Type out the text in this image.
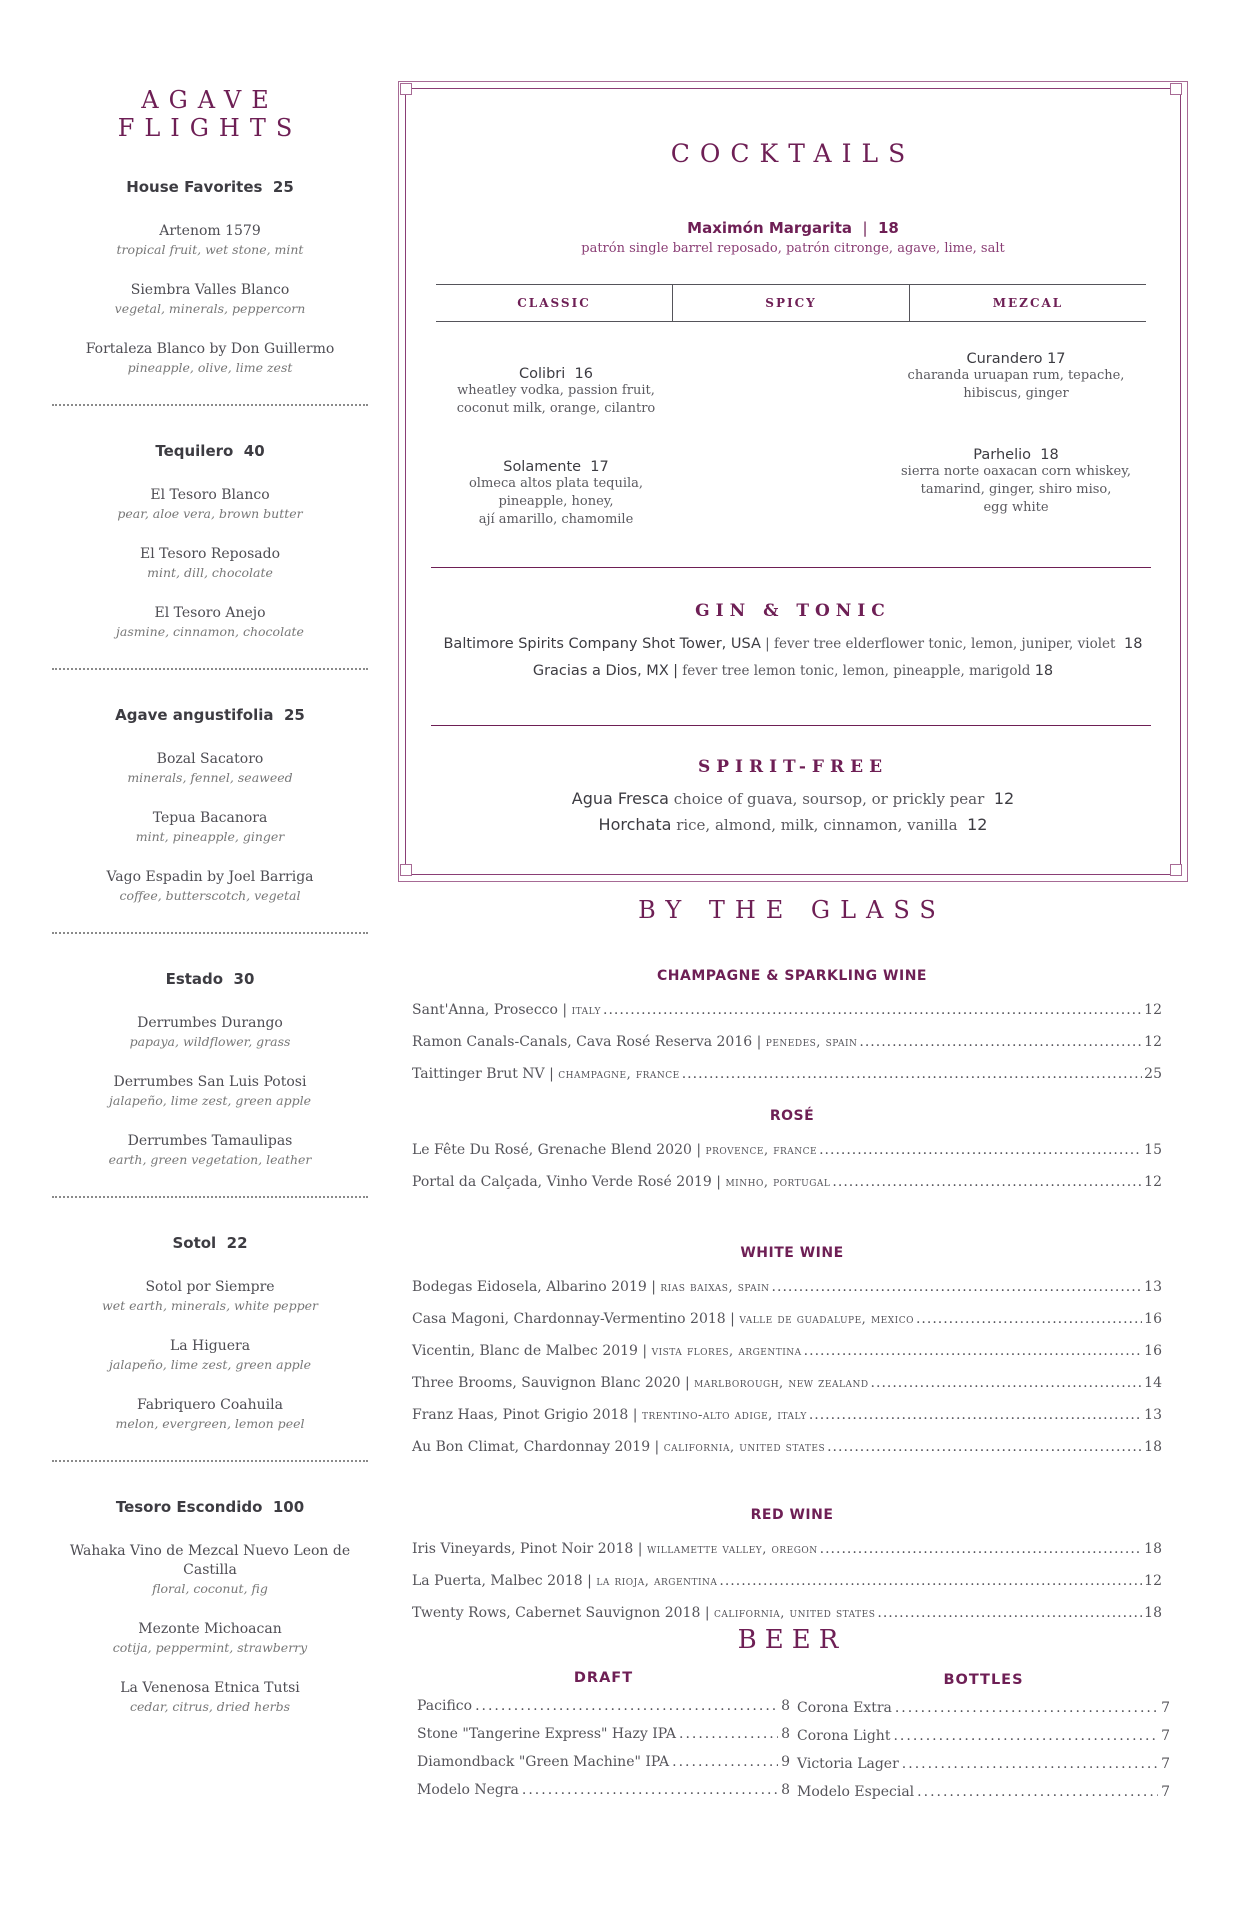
AGAVE FLIGHTS
House Favorites 25
Artenom 1579
tropical fruit, wet stone, mint
Siembra Valles Blanco
vegetal, minerals, peppercorn
Fortaleza Blanco by Don Guillermo
pineapple, olive, lime zest
Tequilero 40
El Tesoro Blanco
pear, aloe vera, brown butter
El Tesoro Reposado
mint, dill, chocolate
El Tesoro Anejo
jasmine, cinnamon, chocolate
Agave angustifolia 25
Bozal Sacatoro
minerals, fennel, seaweed
Tepua Bacanora
mint, pineapple, ginger
Vago Espadin by Joel Barriga
coffee, butterscotch, vegetal
Estado 30
Derrumbes Durango
papaya, wildflower, grass
Derrumbes San Luis Potosi
jalapeño, lime zest, green apple
Derrumbes Tamaulipas
earth, green vegetation, leather
Sotol 22
Sotol por Siempre
wet earth, minerals, white pepper
La Higuera
jalapeño, lime zest, green apple
Fabriquero Coahuila
melon, evergreen, lemon peel
Tesoro Escondido 100
Wahaka Vino de Mezcal Nuevo Leon de Castilla
floral, coconut, fig
Mezonte Michoacan
cotija, peppermint, strawberry
La Venenosa Etnica Tutsi
cedar, citrus, dried herbs
COCKTAILS
Maximón Margarita | 18
patrón single barrel reposado, patrón citronge, agave, lime, salt
CLASSIC	SPICY	MEZCAL
Colibri 16
wheatley vodka, passion fruit,
coconut milk, orange, cilantro
Solamente 17
olmeca altos plata tequila,
pineapple, honey,
ají amarillo, chamomile
Curandero 17
charanda uruapan rum, tepache,
hibiscus, ginger
Parhelio 18
sierra norte oaxacan corn whiskey,
tamarind, ginger, shiro miso,
egg white
GIN & TONIC
Baltimore Spirits Company Shot Tower, USA | fever tree elderflower tonic, lemon, juniper, violet 18
Gracias a Dios, MX | fever tree lemon tonic, lemon, pineapple, marigold 18
SPIRIT-FREE
Agua Fresca choice of guava, soursop, or prickly pear 12
Horchata rice, almond, milk, cinnamon, vanilla 12
BY THE GLASS
CHAMPAGNE & SPARKLING WINE
Sant'Anna, Prosecco | italy .....	12
Ramon Canals-Canals, Cava Rosé Reserva 2016 | penedes, spain .....	12
Taittinger Brut NV | champagne, france .....	25
ROSÉ
Le Fête Du Rosé, Grenache Blend 2020 | provence, france .....	15
Portal da Calçada, Vinho Verde Rosé 2019 | minho, portugal .....	12
WHITE WINE
Bodegas Eidosela, Albarino 2019 | rias baixas, spain .....	13
Casa Magoni, Chardonnay-Vermentino 2018 | valle de guadalupe, mexico .....	16
Vicentin, Blanc de Malbec 2019 | vista flores, argentina .....	16
Three Brooms, Sauvignon Blanc 2020 | marlborough, new zealand .....	14
Franz Haas, Pinot Grigio 2018 | trentino-alto adige, italy .....	13
Au Bon Climat, Chardonnay 2019 | california, united states .....	18
RED WINE
Iris Vineyards, Pinot Noir 2018 | willamette valley, oregon .....	18
La Puerta, Malbec 2018 | la rioja, argentina .....	12
Twenty Rows, Cabernet Sauvignon 2018 | california, united states .....	18
BEER
DRAFT
Pacifico .....	8
Stone "Tangerine Express" Hazy IPA .....	8
Diamondback "Green Machine" IPA .....	9
Modelo Negra .....	8
BOTTLES
Corona Extra .....	7
Corona Light .....	7
Victoria Lager .....	7
Modelo Especial .....	7
